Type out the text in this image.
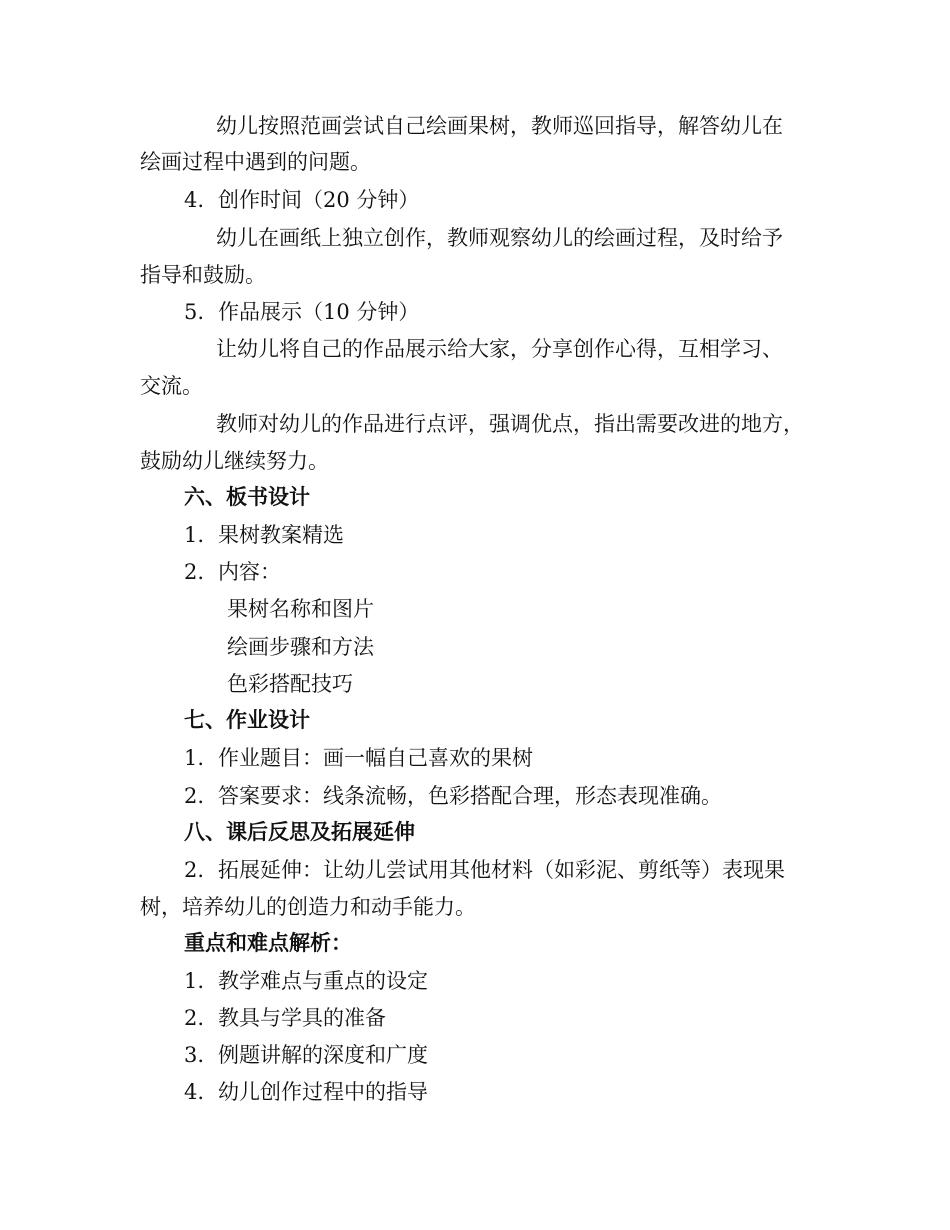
幼儿按照范画尝试自己绘画果树，教师巡回指导，解答幼儿在
绘画过程中遇到的问题。
4. 创作时间（20 分钟）
幼儿在画纸上独立创作，教师观察幼儿的绘画过程，及时给予
指导和鼓励。
5. 作品展示（10 分钟）
让幼儿将自己的作品展示给大家，分享创作心得，互相学习、
交流。
教师对幼儿的作品进行点评，强调优点，指出需要改进的地方，
鼓励幼儿继续努力。
六、板书设计
1. 果树教案精选
2. 内容：
果树名称和图片
绘画步骤和方法
色彩搭配技巧
七、作业设计
1. 作业题目：画一幅自己喜欢的果树
2. 答案要求：线条流畅，色彩搭配合理，形态表现准确。
八、课后反思及拓展延伸
2. 拓展延伸：让幼儿尝试用其他材料（如彩泥、剪纸等）表现果
树，培养幼儿的创造力和动手能力。
重点和难点解析：
1. 教学难点与重点的设定
2. 教具与学具的准备
3. 例题讲解的深度和广度
4. 幼儿创作过程中的指导
